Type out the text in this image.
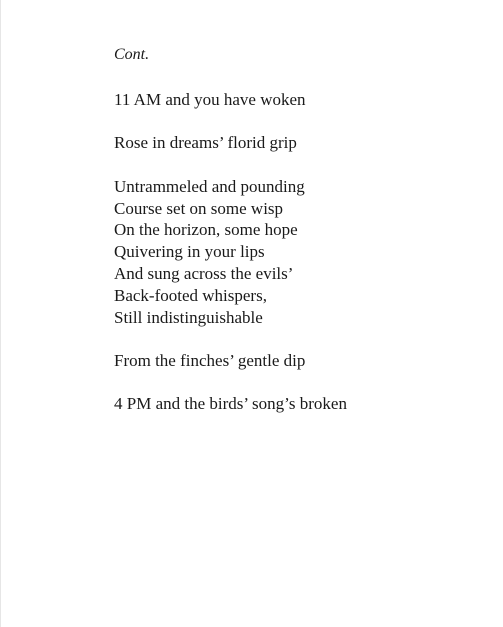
Cont.
11 AM and you have woken
Rose in dreams’ florid grip
Untrammeled and pounding
Course set on some wisp
On the horizon, some hope
Quivering in your lips
And sung across the evils’
Back-footed whispers,
Still indistinguishable
From the finches’ gentle dip
4 PM and the birds’ song’s broken
